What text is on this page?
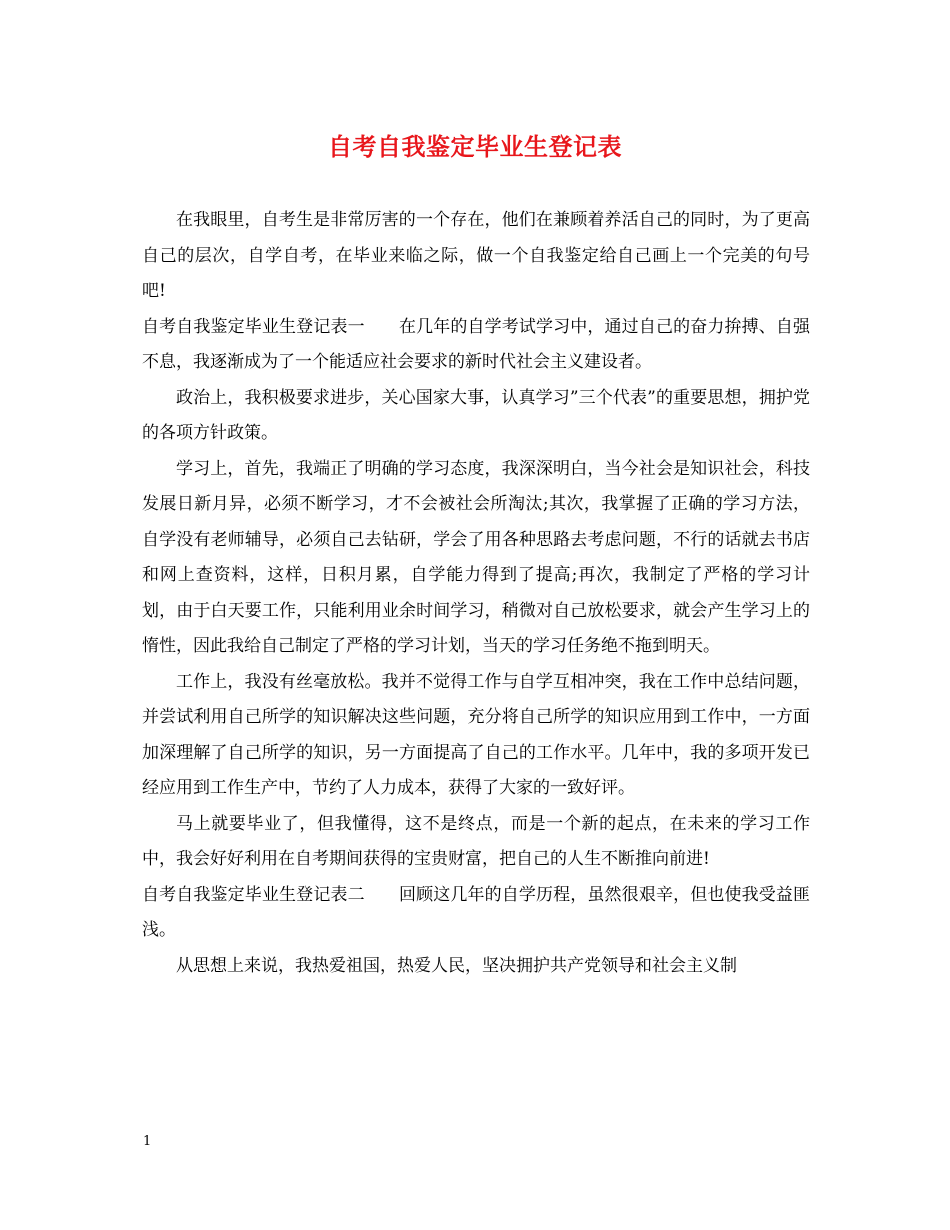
自考自我鉴定毕业生登记表

在我眼里，自考生是非常厉害的一个存在，他们在兼顾着养活自己的同时，为了更高自己的层次，自学自考，在毕业来临之际，做一个自我鉴定给自己画上一个完美的句号吧!

自考自我鉴定毕业生登记表一　　在几年的自学考试学习中，通过自己的奋力拚搏、自强不息，我逐渐成为了一个能适应社会要求的新时代社会主义建设者。

政治上，我积极要求进步，关心国家大事，认真学习”三个代表”的重要思想，拥护党的各项方针政策。

学习上，首先，我端正了明确的学习态度，我深深明白，当今社会是知识社会，科技发展日新月异，必须不断学习，才不会被社会所淘汰;其次，我掌握了正确的学习方法，自学没有老师辅导，必须自己去钻研，学会了用各种思路去考虑问题，不行的话就去书店和网上查资料，这样，日积月累，自学能力得到了提高;再次，我制定了严格的学习计划，由于白天要工作，只能利用业余时间学习，稍微对自己放松要求，就会产生学习上的惰性，因此我给自己制定了严格的学习计划，当天的学习任务绝不拖到明天。

工作上，我没有丝毫放松。我并不觉得工作与自学互相冲突，我在工作中总结问题，并尝试利用自己所学的知识解决这些问题，充分将自己所学的知识应用到工作中，一方面加深理解了自己所学的知识，另一方面提高了自己的工作水平。几年中，我的多项开发已经应用到工作生产中，节约了人力成本，获得了大家的一致好评。

马上就要毕业了，但我懂得，这不是终点，而是一个新的起点，在未来的学习工作中，我会好好利用在自考期间获得的宝贵财富，把自己的人生不断推向前进!

自考自我鉴定毕业生登记表二　　回顾这几年的自学历程，虽然很艰辛，但也使我受益匪浅。

从思想上来说，我热爱祖国，热爱人民，坚决拥护共产党领导和社会主义制

1
